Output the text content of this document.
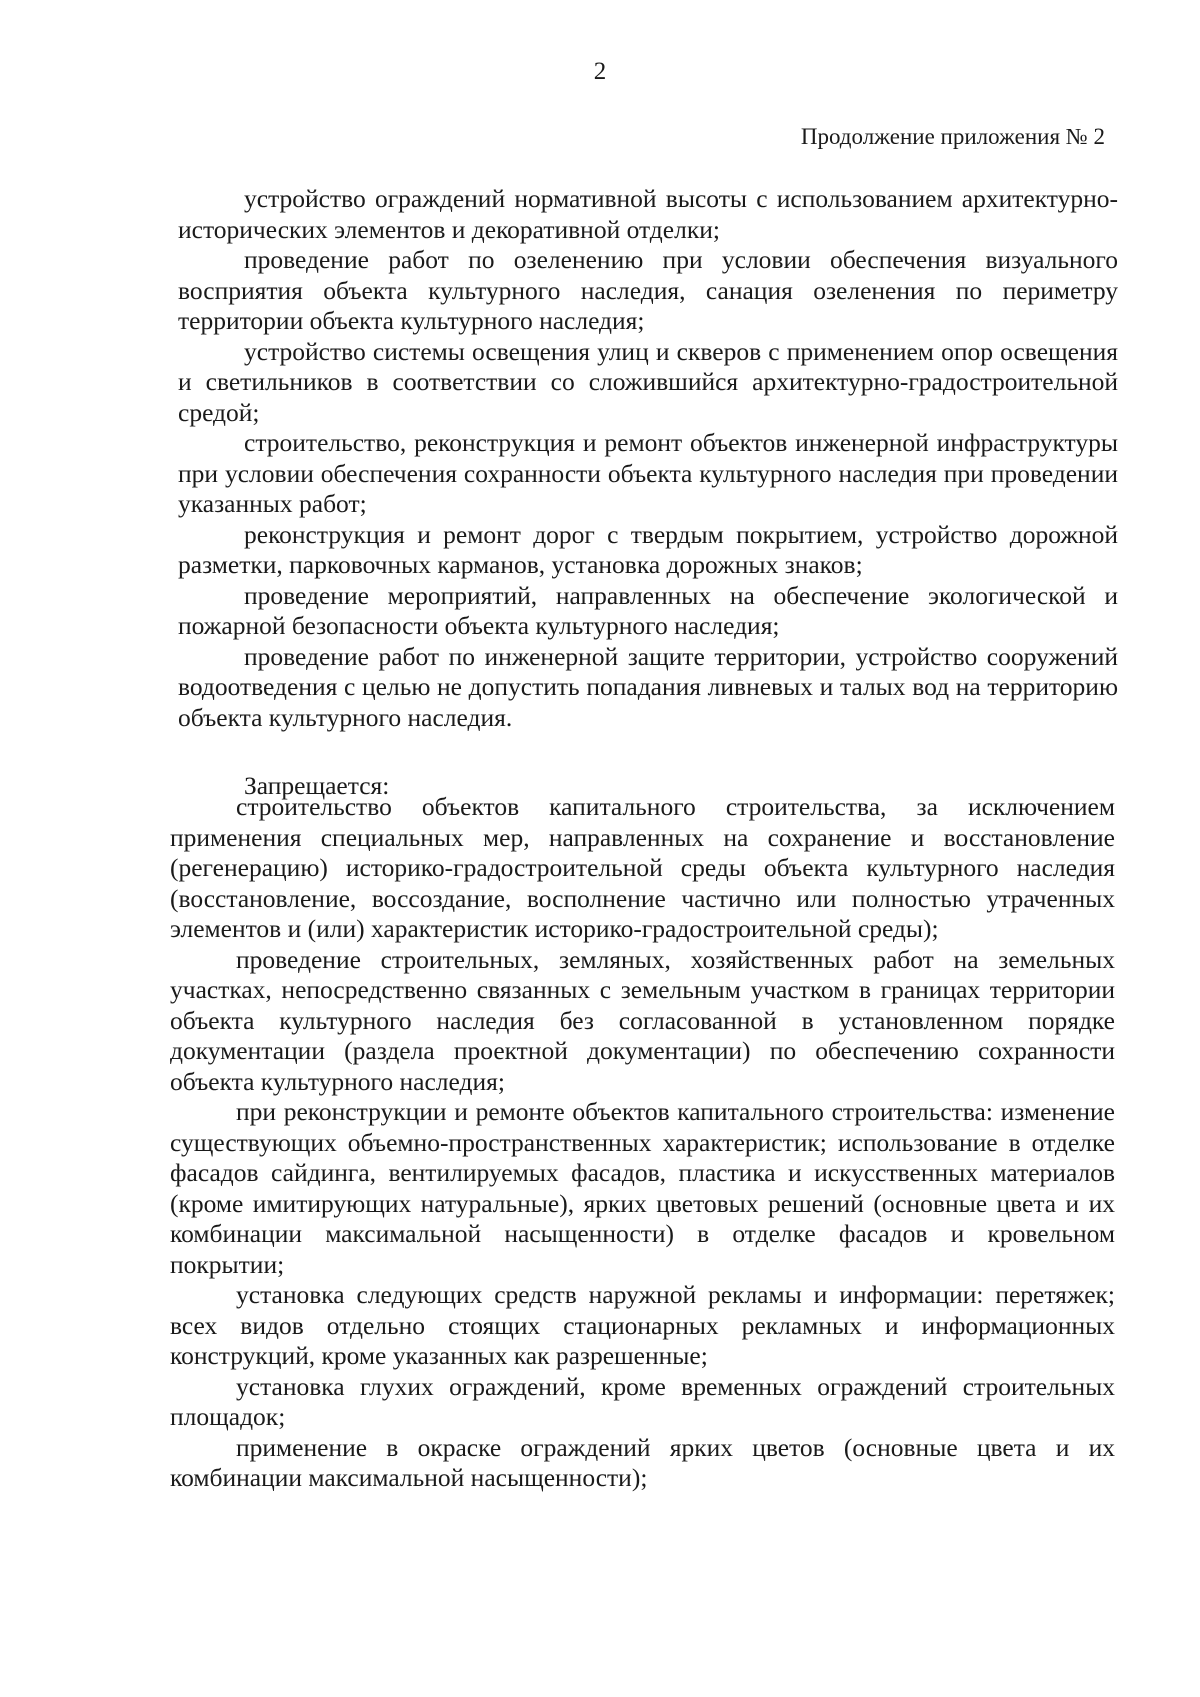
2
Продолжение приложения № 2

устройство ограждений нормативной высоты с использованием архитектурно-исторических элементов и декоративной отделки;

проведение работ по озеленению при условии обеспечения визуального восприятия объекта культурного наследия, санация озеленения по периметру территории объекта культурного наследия;

устройство системы освещения улиц и скверов с применением опор освещения и светильников в соответствии со сложившийся архитектурно-градостроительной средой;

строительство, реконструкция и ремонт объектов инженерной инфраструктуры при условии обеспечения сохранности объекта культурного наследия при проведении указанных работ;

реконструкция и ремонт дорог с твердым покрытием, устройство дорожной разметки, парковочных карманов, установка дорожных знаков;

проведение мероприятий, направленных на обеспечение экологической и пожарной безопасности объекта культурного наследия;

проведение работ по инженерной защите территории, устройство сооружений водоотведения с целью не допустить попадания ливневых и талых вод на территорию объекта культурного наследия.

Запрещается:

строительство объектов капитального строительства, за исключением применения специальных мер, направленных на сохранение и восстановление (регенерацию) историко-градостроительной среды объекта культурного наследия (восстановление, воссоздание, восполнение частично или полностью утраченных элементов и (или) характеристик историко-градостроительной среды);

проведение строительных, земляных, хозяйственных работ на земельных участках, непосредственно связанных с земельным участком в границах территории объекта культурного наследия без согласованной в установленном порядке документации (раздела проектной документации) по обеспечению сохранности объекта культурного наследия;

при реконструкции и ремонте объектов капитального строительства: изменение существующих объемно-пространственных характеристик; использование в отделке фасадов сайдинга, вентилируемых фасадов, пластика и искусственных материалов (кроме имитирующих натуральные), ярких цветовых решений (основные цвета и их комбинации максимальной насыщенности) в отделке фасадов и кровельном покрытии;

установка следующих средств наружной рекламы и информации: перетяжек; всех видов отдельно стоящих стационарных рекламных и информационных конструкций, кроме указанных как разрешенные;

установка глухих ограждений, кроме временных ограждений строительных площадок;

применение в окраске ограждений ярких цветов (основные цвета и их комбинации максимальной насыщенности);
